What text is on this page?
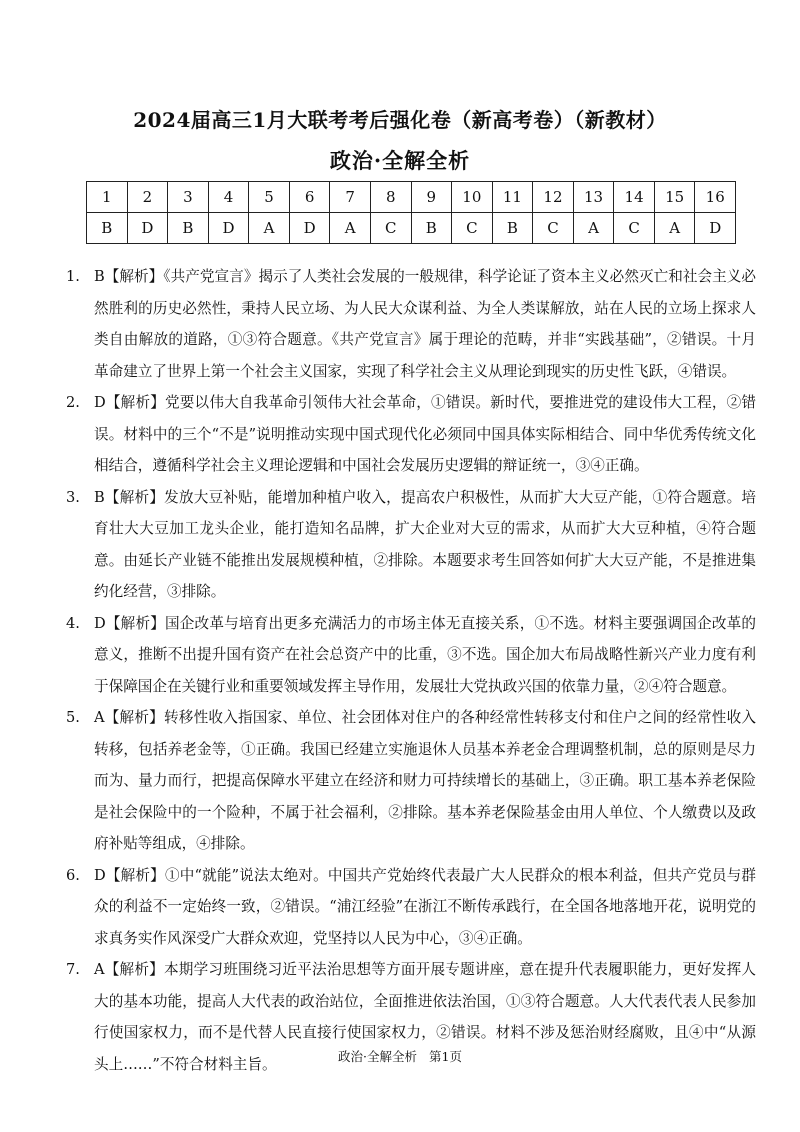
2024届高三1月大联考考后强化卷（新高考卷）（新教材）
政治·全解全析
1	2	3	4	5	6	7	8	9	10	11	12	13	14	15	16
B	D	B	D	A	D	A	C	B	C	B	C	A	C	A	D

1. B【解析】《共产党宣言》揭示了人类社会发展的一般规律，科学论证了资本主义必然灭亡和社会主义必然胜利的历史必然性，秉持人民立场、为人民大众谋利益、为全人类谋解放，站在人民的立场上探求人类自由解放的道路，①③符合题意。《共产党宣言》属于理论的范畴，并非“实践基础”，②错误。十月革命建立了世界上第一个社会主义国家，实现了科学社会主义从理论到现实的历史性飞跃，④错误。

2. D【解析】党要以伟大自我革命引领伟大社会革命，①错误。新时代，要推进党的建设伟大工程，②错误。材料中的三个“不是”说明推动实现中国式现代化必须同中国具体实际相结合、同中华优秀传统文化相结合，遵循科学社会主义理论逻辑和中国社会发展历史逻辑的辩证统一，③④正确。

3. B【解析】发放大豆补贴，能增加种植户收入，提高农户积极性，从而扩大大豆产能，①符合题意。培育壮大大豆加工龙头企业，能打造知名品牌，扩大企业对大豆的需求，从而扩大大豆种植，④符合题意。由延长产业链不能推出发展规模种植，②排除。本题要求考生回答如何扩大大豆产能，不是推进集约化经营，③排除。

4. D【解析】国企改革与培育出更多充满活力的市场主体无直接关系，①不选。材料主要强调国企改革的意义，推断不出提升国有资产在社会总资产中的比重，③不选。国企加大布局战略性新兴产业力度有利于保障国企在关键行业和重要领域发挥主导作用，发展壮大党执政兴国的依靠力量，②④符合题意。

5. A【解析】转移性收入指国家、单位、社会团体对住户的各种经常性转移支付和住户之间的经常性收入转移，包括养老金等，①正确。我国已经建立实施退休人员基本养老金合理调整机制，总的原则是尽力而为、量力而行，把提高保障水平建立在经济和财力可持续增长的基础上，③正确。职工基本养老保险是社会保险中的一个险种，不属于社会福利，②排除。基本养老保险基金由用人单位、个人缴费以及政府补贴等组成，④排除。

6. D【解析】①中“就能”说法太绝对。中国共产党始终代表最广大人民群众的根本利益，但共产党员与群众的利益不一定始终一致，②错误。“浦江经验”在浙江不断传承践行，在全国各地落地开花，说明党的求真务实作风深受广大群众欢迎，党坚持以人民为中心，③④正确。

7. A【解析】本期学习班围绕习近平法治思想等方面开展专题讲座，意在提升代表履职能力，更好发挥人大的基本功能，提高人大代表的政治站位，全面推进依法治国，①③符合题意。人大代表代表人民参加行使国家权力，而不是代替人民直接行使国家权力，②错误。材料不涉及惩治财经腐败，且④中“从源头上……”不符合材料主旨。	政治·全解全析 第1页
